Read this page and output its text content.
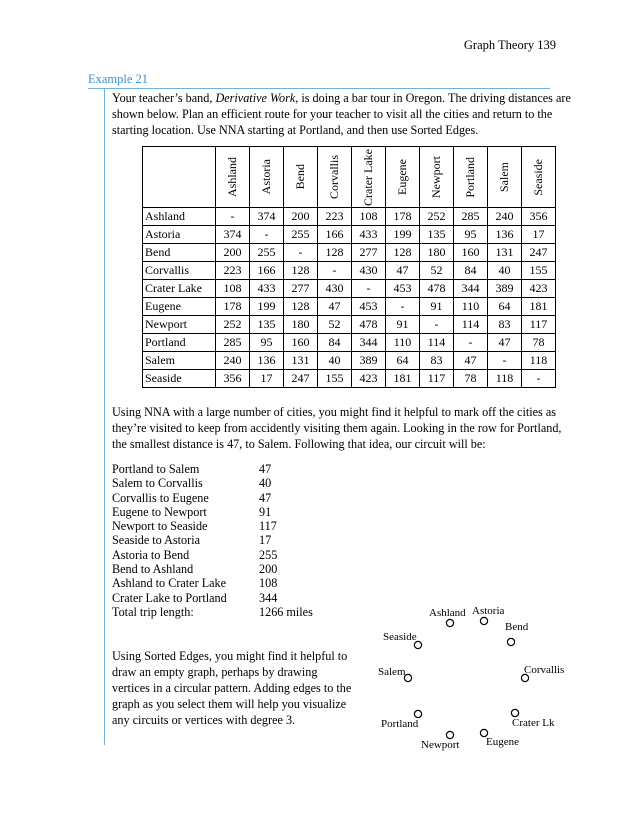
Graph Theory 139
Example 21

Your teacher’s band, Derivative Work, is doing a bar tour in Oregon. The driving distances are shown below. Plan an efficient route for your teacher to visit all the cities and return to the starting location. Use NNA starting at Portland, and then use Sorted Edges.

	Ashland	Astoria	Bend	Corvallis	Crater Lake	Eugene	Newport	Portland	Salem	Seaside

Ashland	-	374	200	223	108	178	252	285	240	356
Astoria	374	-	255	166	433	199	135	95	136	17
Bend	200	255	-	128	277	128	180	160	131	247
Corvallis	223	166	128	-	430	47	52	84	40	155
Crater Lake	108	433	277	430	-	453	478	344	389	423
Eugene	178	199	128	47	453	-	91	110	64	181
Newport	252	135	180	52	478	91	-	114	83	117
Portland	285	95	160	84	344	110	114	-	47	78
Salem	240	136	131	40	389	64	83	47	-	118
Seaside	356	17	247	155	423	181	117	78	118	-

Using NNA with a large number of cities, you might find it helpful to mark off the cities as they’re visited to keep from accidently visiting them again. Looking in the row for Portland, the smallest distance is 47, to Salem. Following that idea, our circuit will be:

Portland to Salem	47
Salem to Corvallis	40
Corvallis to Eugene	47
Eugene to Newport	91
Newport to Seaside	117
Seaside to Astoria	17
Astoria to Bend	255
Bend to Ashland	200
Ashland to Crater Lake	108
Crater Lake to Portland	344
Total trip length:	1266 miles

Using Sorted Edges, you might find it helpful to draw an empty graph, perhaps by drawing vertices in a circular pattern. Adding edges to the graph as you select them will help you visualize any circuits or vertices with degree 3.

Ashland Astoria
Bend
Seaside
Corvallis
Salem
Portland	Crater Lk
Newport Eugene
